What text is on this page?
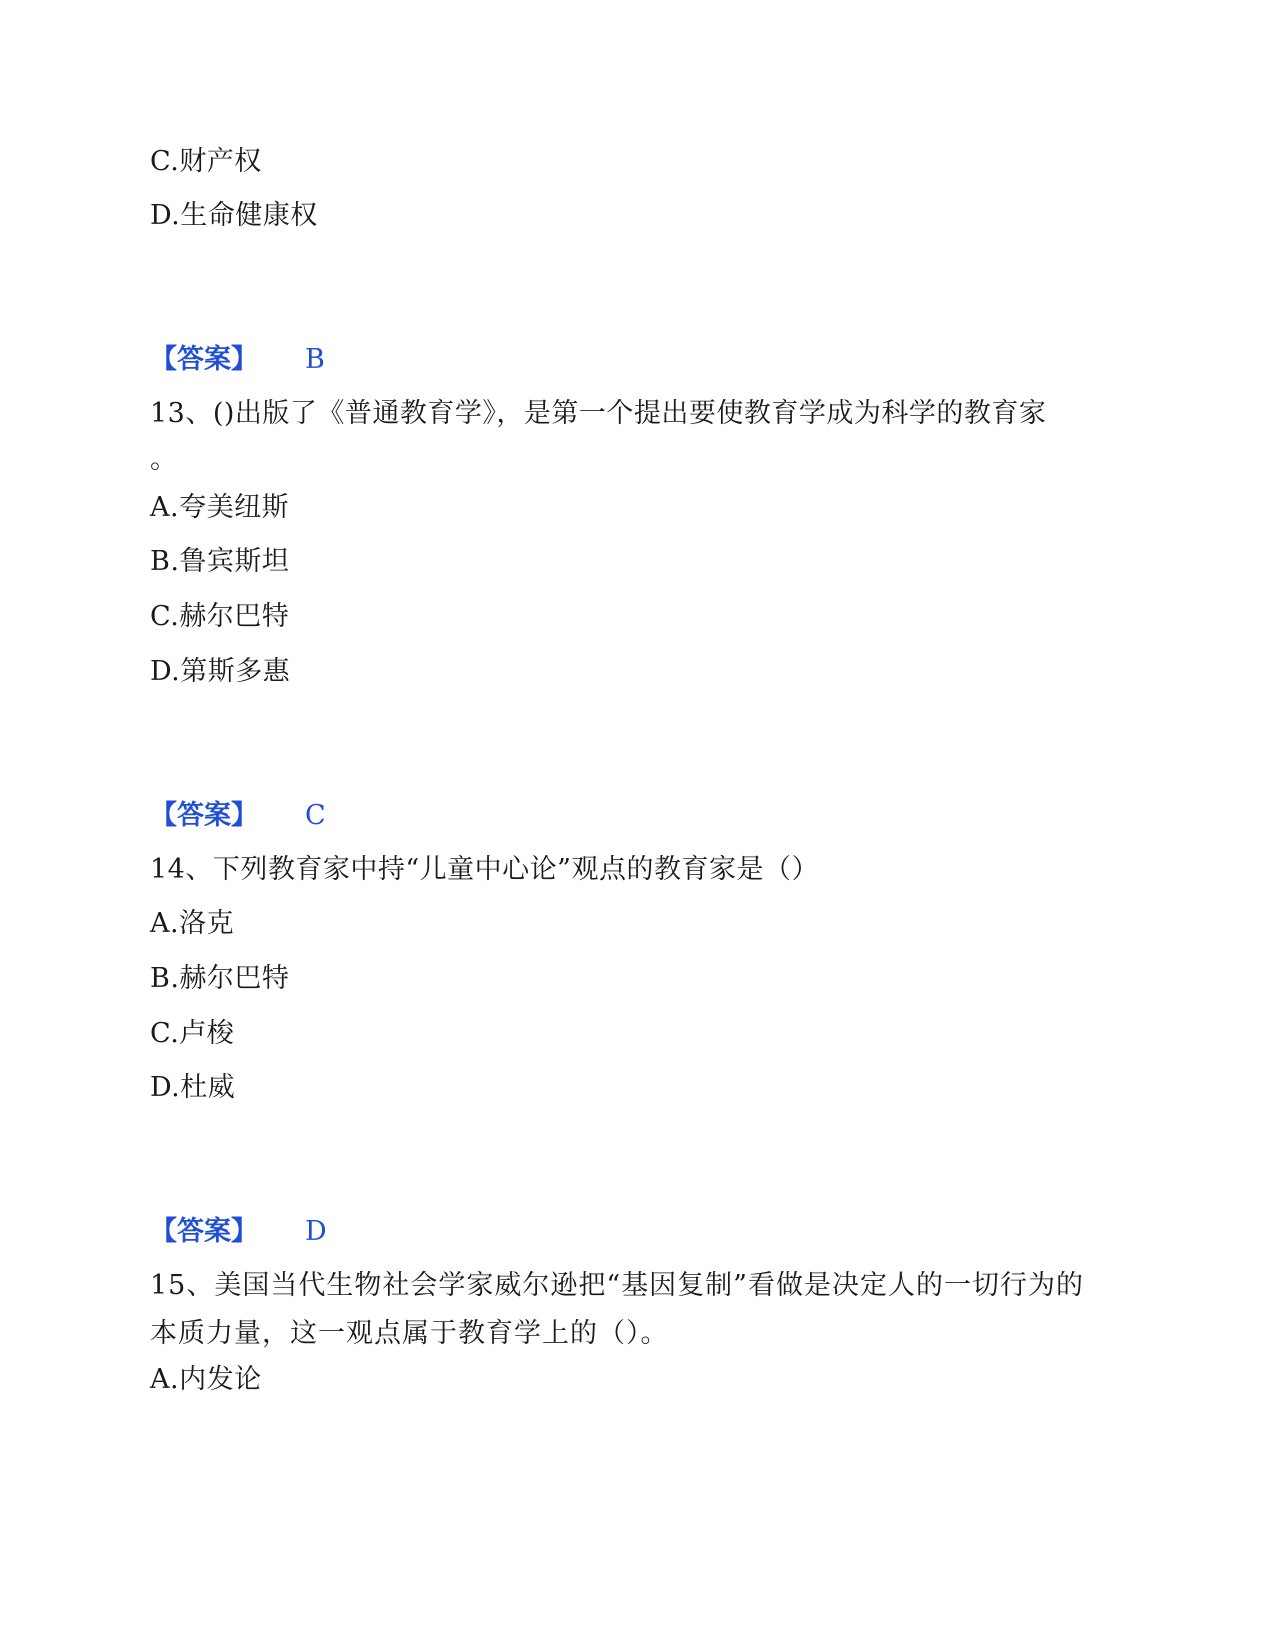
C.财产权
D.生命健康权
【答案】 B
13、()出版了《普通教育学》，是第一个提出要使教育学成为科学的教育家
。
A.夸美纽斯
B.鲁宾斯坦
C.赫尔巴特
D.第斯多惠
【答案】 C
14、下列教育家中持“儿童中心论”观点的教育家是（）
A.洛克
B.赫尔巴特
C.卢梭
D.杜威
【答案】 D
15、美国当代生物社会学家威尔逊把“基因复制”看做是决定人的一切行为的本质力量，这一观点属于教育学上的（）。
A.内发论
